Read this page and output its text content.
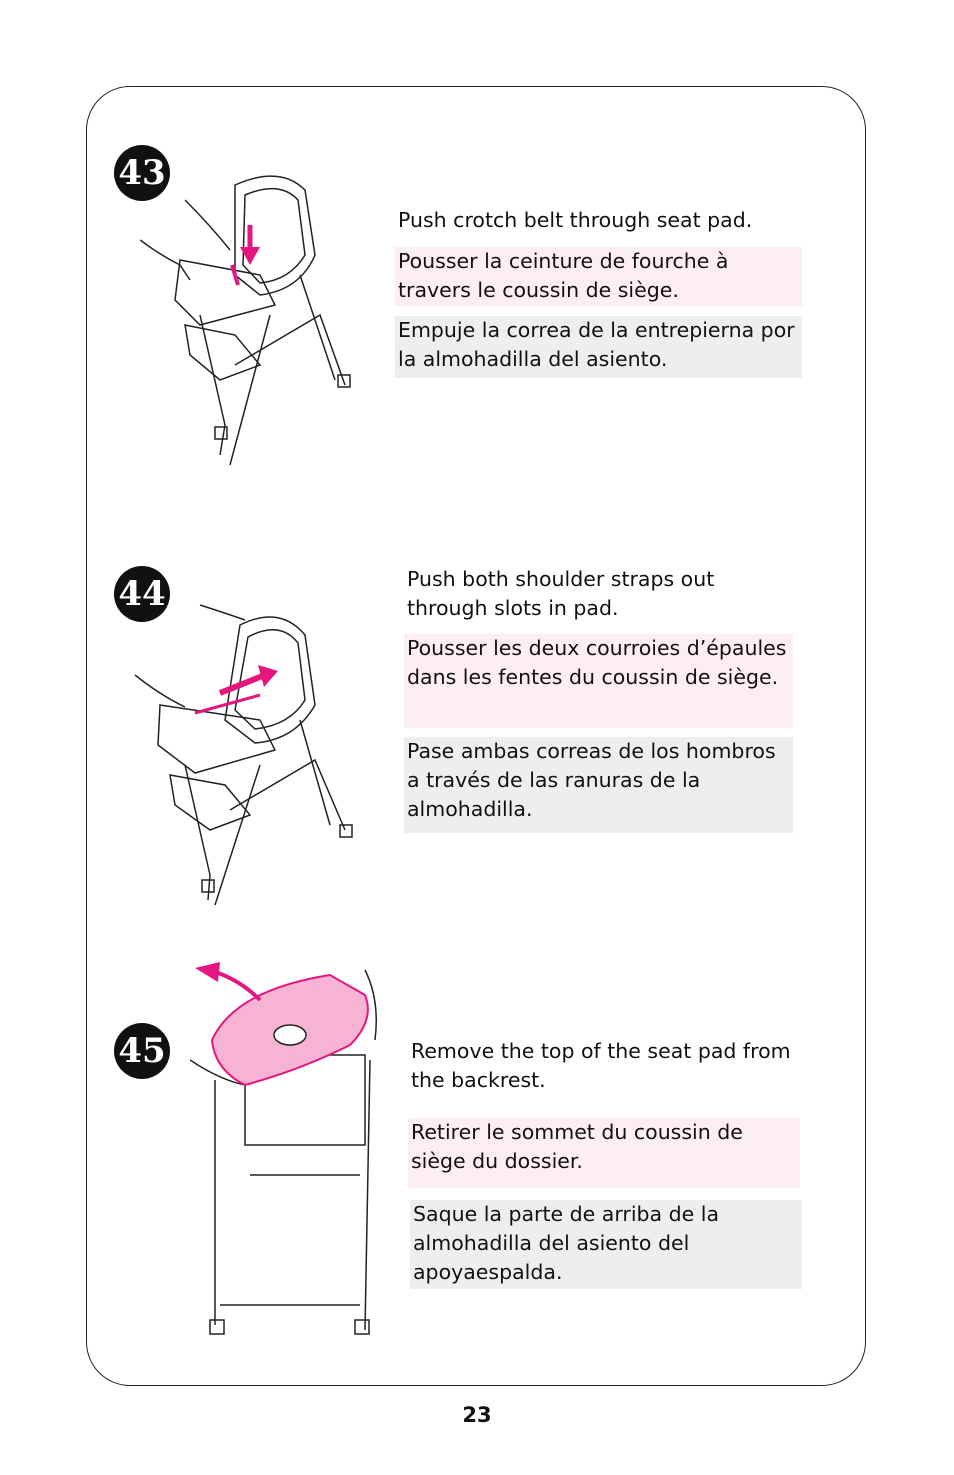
43
Push crotch belt through seat pad.
Pousser la ceinture de fourche à travers le coussin de siège.
Empuje la correa de la entrepierna por la almohadilla del asiento.
44	Push both shoulder straps out through slots in pad.
Pousser les deux courroies d’épaules dans les fentes du coussin de siège.
Pase ambas correas de los hombros a través de las ranuras de la almohadilla.
45	Remove the top of the seat pad from the backrest.
Retirer le sommet du coussin de siège du dossier.
Saque la parte de arriba de la almohadilla del asiento del apoyaespalda.
23
